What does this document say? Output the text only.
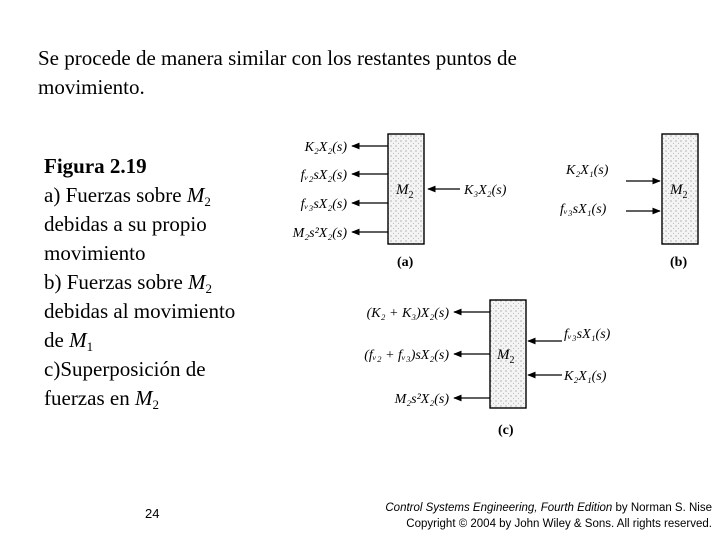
Se procede de manera similar con los restantes puntos de
movimiento.
Figura 2.19
a) Fuerzas sobre $M_2$
debidas a su propio
movimiento
b) Fuerzas sobre $M_2$
debidas al movimiento
de $M_1$
c)Superposición de
fuerzas en $M_2$
$M_2$
K₂X₂(s)
fᵥ₂sX₂(s)
fᵥ₃sX₂(s)
M₂s²X₂(s)
K₃X₂(s)
(a)
$M_2$
K₂X₁(s)
fᵥ₃sX₁(s)
(b)
$M_2$
(K₂ + K₃)X₂(s)
(fᵥ₂ + fᵥ₃)sX₂(s)
M₂s²X₂(s)
fᵥ₃sX₁(s)
K₂X₁(s)
(c)
24	Control Systems Engineering, Fourth Edition by Norman S. Nise
Copyright © 2004 by John Wiley & Sons. All rights reserved.
